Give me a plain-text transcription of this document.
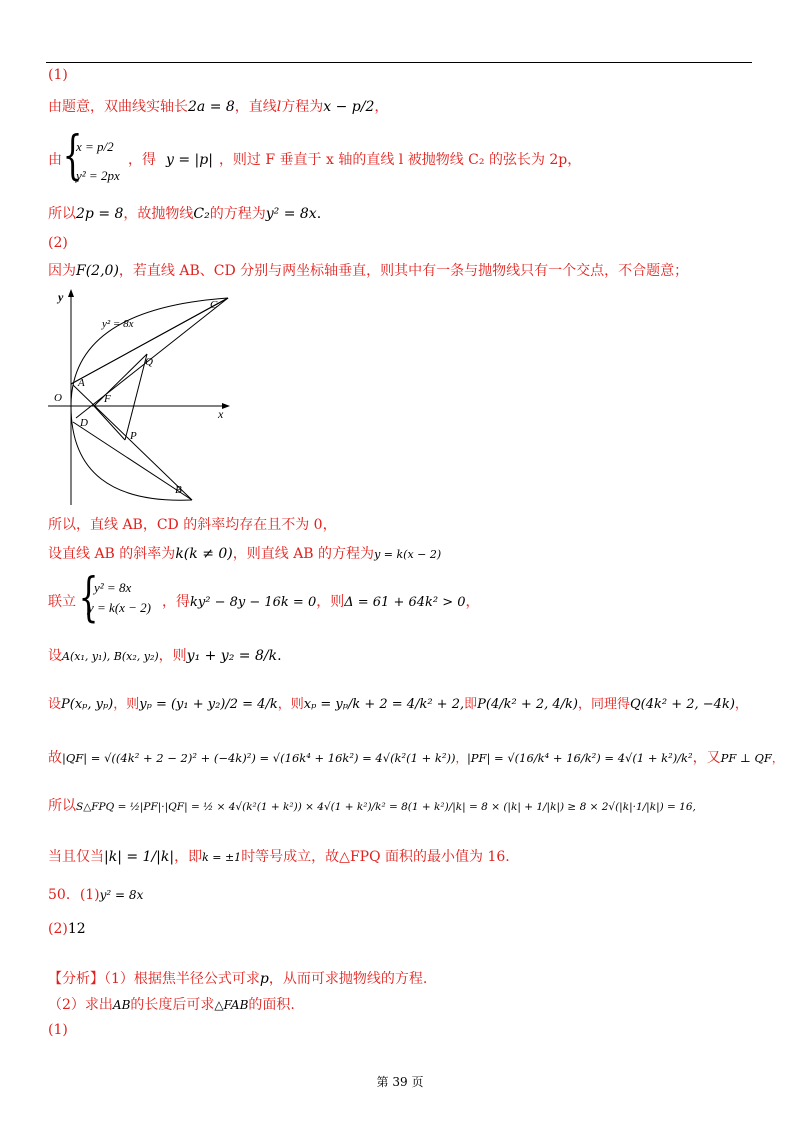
(1)
由题意，双曲线实轴长2a = 8，直线l方程为x − p/2，
由 {
x = p/2
y² = 2px
，得 y = |p| ，则过 F 垂直于 x 轴的直线 l 被抛物线 C₂ 的弦长为 2p，
所以2p = 8，故抛物线C₂的方程为y² = 8x.
(2)
因为F(2,0)，若直线 AB、CD 分别与两坐标轴垂直，则其中有一条与抛物线只有一个交点，不合题意；
x
y
y² = 8x
O
A
F
D
C
Q
P
B
所以，直线 AB，CD 的斜率均存在且不为 0，
设直线 AB 的斜率为k(k ≠ 0)，则直线 AB 的方程为y = k(x − 2)
联立 {
y² = 8x
y = k(x − 2) ，得ky² − 8y − 16k = 0，则Δ = 61 + 64k² > 0，
设A(x₁, y₁), B(x₂, y₂)，则y₁ + y₂ = 8/k.
设P(xₚ, yₚ)，则yₚ = (y₁ + y₂)/2 = 4/k，则xₚ = yₚ/k + 2 = 4/k² + 2,即P(4/k² + 2, 4/k)，同理得Q(4k² + 2, −4k)，
故|QF| = √((4k² + 2 − 2)² + (−4k)²) = √(16k⁴ + 16k²) = 4√(k²(1 + k²))，|PF| = √(16/k⁴ + 16/k²) = 4√(1 + k²)/k²，又PF ⊥ QF，
所以S△FPQ = ½|PF|·|QF| = ½ × 4√(k²(1 + k²)) × 4√(1 + k²)/k² = 8(1 + k²)/|k| = 8 × (|k| + 1/|k|) ≥ 8 × 2√(|k|·1/|k|) = 16,
当且仅当|k| = 1/|k|，即k = ±1时等号成立，故△FPQ 面积的最小值为 16.
50．(1)y² = 8x
(2)12
【分析】（1）根据焦半径公式可求p，从而可求抛物线的方程.
（2）求出AB的长度后可求△FAB的面积.
(1)
第 39 页
